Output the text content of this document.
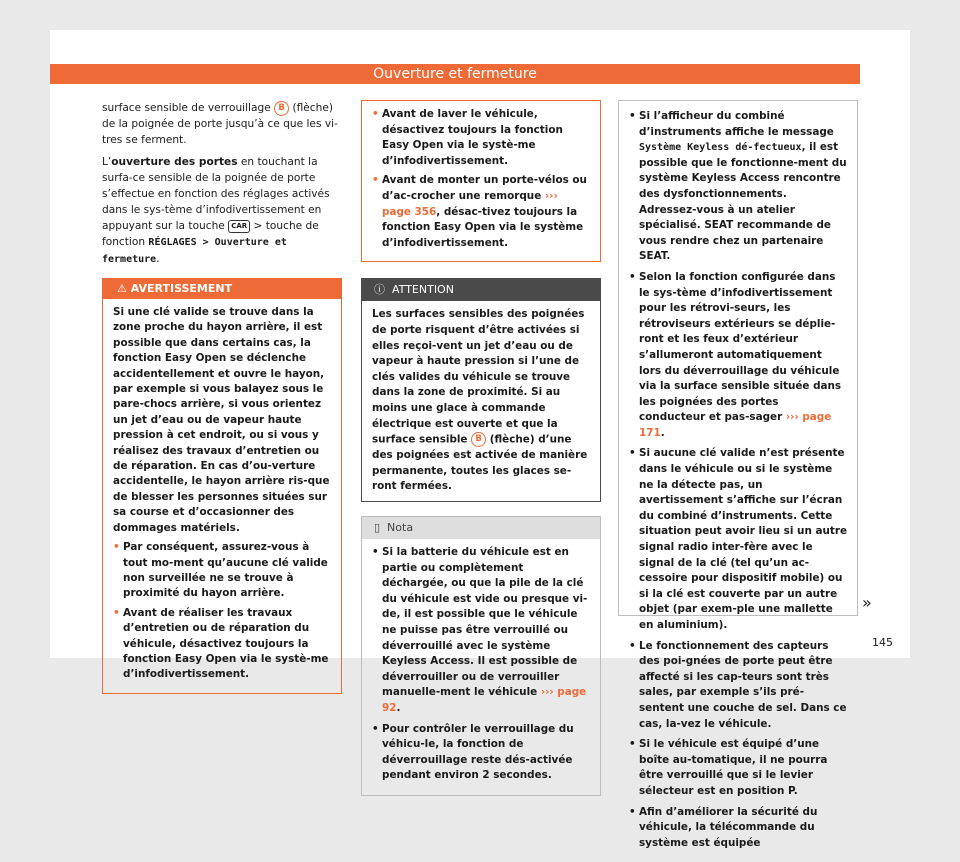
Ouverture et fermeture

surface sensible de verrouillage B (flèche) de la poignée de porte jusqu’à ce que les vi-tres se ferment.

L’ouverture des portes en touchant la surfa-ce sensible de la poignée de porte s’effectue en fonction des réglages activés dans le sys-tème d’infodivertissement en appuyant sur la touche CAR > touche de fonction RÉGLAGES > Ouverture et fermeture.

⚠ AVERTISSEMENT
Si une clé valide se trouve dans la zone proche du hayon arrière, il est possible que dans certains cas, la fonction Easy Open se déclenche accidentellement et ouvre le hayon, par exemple si vous balayez sous le pare-chocs arrière, si vous orientez un jet d’eau ou de vapeur haute pression à cet endroit, ou si vous y réalisez des travaux d’entretien ou de réparation. En cas d’ou-verture accidentelle, le hayon arrière ris-que de blesser les personnes situées sur sa course et d’occasionner des dommages matériels.
• Par conséquent, assurez-vous à tout mo-ment qu’aucune clé valide non surveillée ne se trouve à proximité du hayon arrière.
• Avant de réaliser les travaux d’entretien ou de réparation du véhicule, désactivez toujours la fonction Easy Open via le systè-me d’infodivertissement.
• Avant de laver le véhicule, désactivez toujours la fonction Easy Open via le systè-me d’infodivertissement.
• Avant de monter un porte-vélos ou d’ac-crocher une remorque ››› page 356, désac-tivez toujours la fonction Easy Open via le système d’infodivertissement.
ⓘ  ATTENTION
Les surfaces sensibles des poignées de porte risquent d’être activées si elles reçoi-vent un jet d’eau ou de vapeur à haute pression si l’une de clés valides du véhicule se trouve dans la zone de proximité. Si au moins une glace à commande électrique est ouverte et que la surface sensible B (flèche) d’une des poignées est activée de manière permanente, toutes les glaces se-ront fermées.
▯  Nota
• Si la batterie du véhicule est en partie ou complètement déchargée, ou que la pile de la clé du véhicule est vide ou presque vi-de, il est possible que le véhicule ne puisse pas être verrouillé ou déverrouillé avec le système Keyless Access. Il est possible de déverrouiller ou de verrouiller manuelle-ment le véhicule ››› page 92.
• Pour contrôler le verrouillage du véhicu-le, la fonction de déverrouillage reste dés-activée pendant environ 2 secondes.
• Si l’afficheur du combiné d’instruments affiche le message Système Keyless dé-fectueux, il est possible que le fonctionne-ment du système Keyless Access rencontre des dysfonctionnements. Adressez-vous à un atelier spécialisé. SEAT recommande de vous rendre chez un partenaire SEAT.
• Selon la fonction configurée dans le sys-tème d’infodivertissement pour les rétrovi-seurs, les rétroviseurs extérieurs se déplie-ront et les feux d’extérieur s’allumeront automatiquement lors du déverrouillage du véhicule via la surface sensible située dans les poignées des portes conducteur et pas-sager ››› page 171.
• Si aucune clé valide n’est présente dans le véhicule ou si le système ne la détecte pas, un avertissement s’affiche sur l’écran du combiné d’instruments. Cette situation peut avoir lieu si un autre signal radio inter-fère avec le signal de la clé (tel qu’un ac-cessoire pour dispositif mobile) ou si la clé est couverte par un autre objet (par exem-ple une mallette en aluminium).
• Le fonctionnement des capteurs des poi-gnées de porte peut être affecté si les cap-teurs sont très sales, par exemple s’ils pré-sentent une couche de sel. Dans ce cas, la-vez le véhicule.
• Si le véhicule est équipé d’une boîte au-tomatique, il ne pourra être verrouillé que si le levier sélecteur est en position P.
• Afin d’améliorer la sécurité du véhicule, la télécommande du système est équipée
»
145
